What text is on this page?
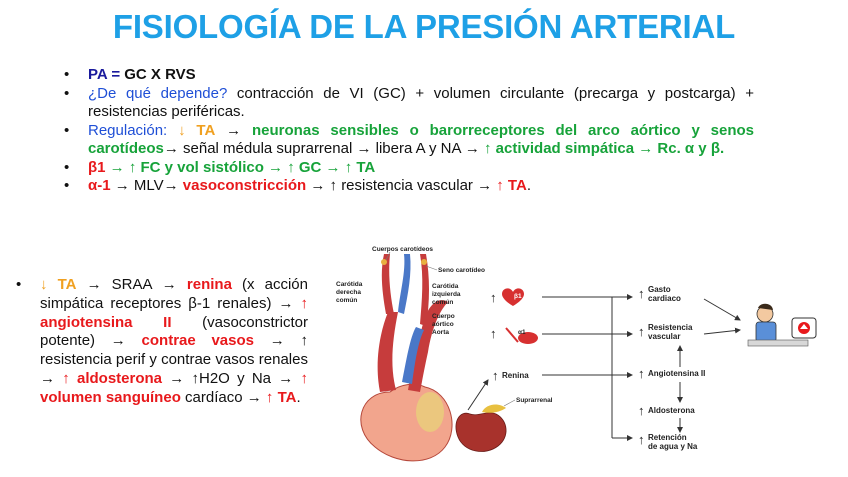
FISIOLOGÍA DE LA PRESIÓN ARTERIAL
• PA = GC X RVS
• ¿De qué depende? contracción de VI (GC) + volumen circulante (precarga y postcarga) + resistencias periféricas.
• Regulación: ↓ TA → neuronas sensibles o barorreceptores del arco aórtico y senos carotídeos→ señal médula suprarrenal → libera A y NA → ↑ actividad simpática → Rc. α y β.
• β1 → ↑ FC y vol sistólico → ↑ GC → ↑ TA
• α-1 → MLV→ vasoconstricción → ↑ resistencia vascular → ↑ TA.
• ↓ TA → SRAA → renina (x acción simpática receptores β-1 renales) → ↑ angiotensina II (vasoconstrictor potente) → contrae vasos → ↑ resistencia perif y contrae vasos renales → ↑ aldosterona → ↑H2O y Na → ↑ volumen sanguíneo cardíaco → ↑ TA.
Cuerpos carotídeos
Seno carotídeo
Carótida
derecha
común
Carótida
izquierda
común
Cuerpo
aórtico
Aorta
Suprarrenal
↑	β1
↑	α1
↑ Renina
↑ Gasto
cardiaco
↑ Resistencia
vascular
↑ Angiotensina II
↑ Aldosterona
↑ Retención
de agua y Na
